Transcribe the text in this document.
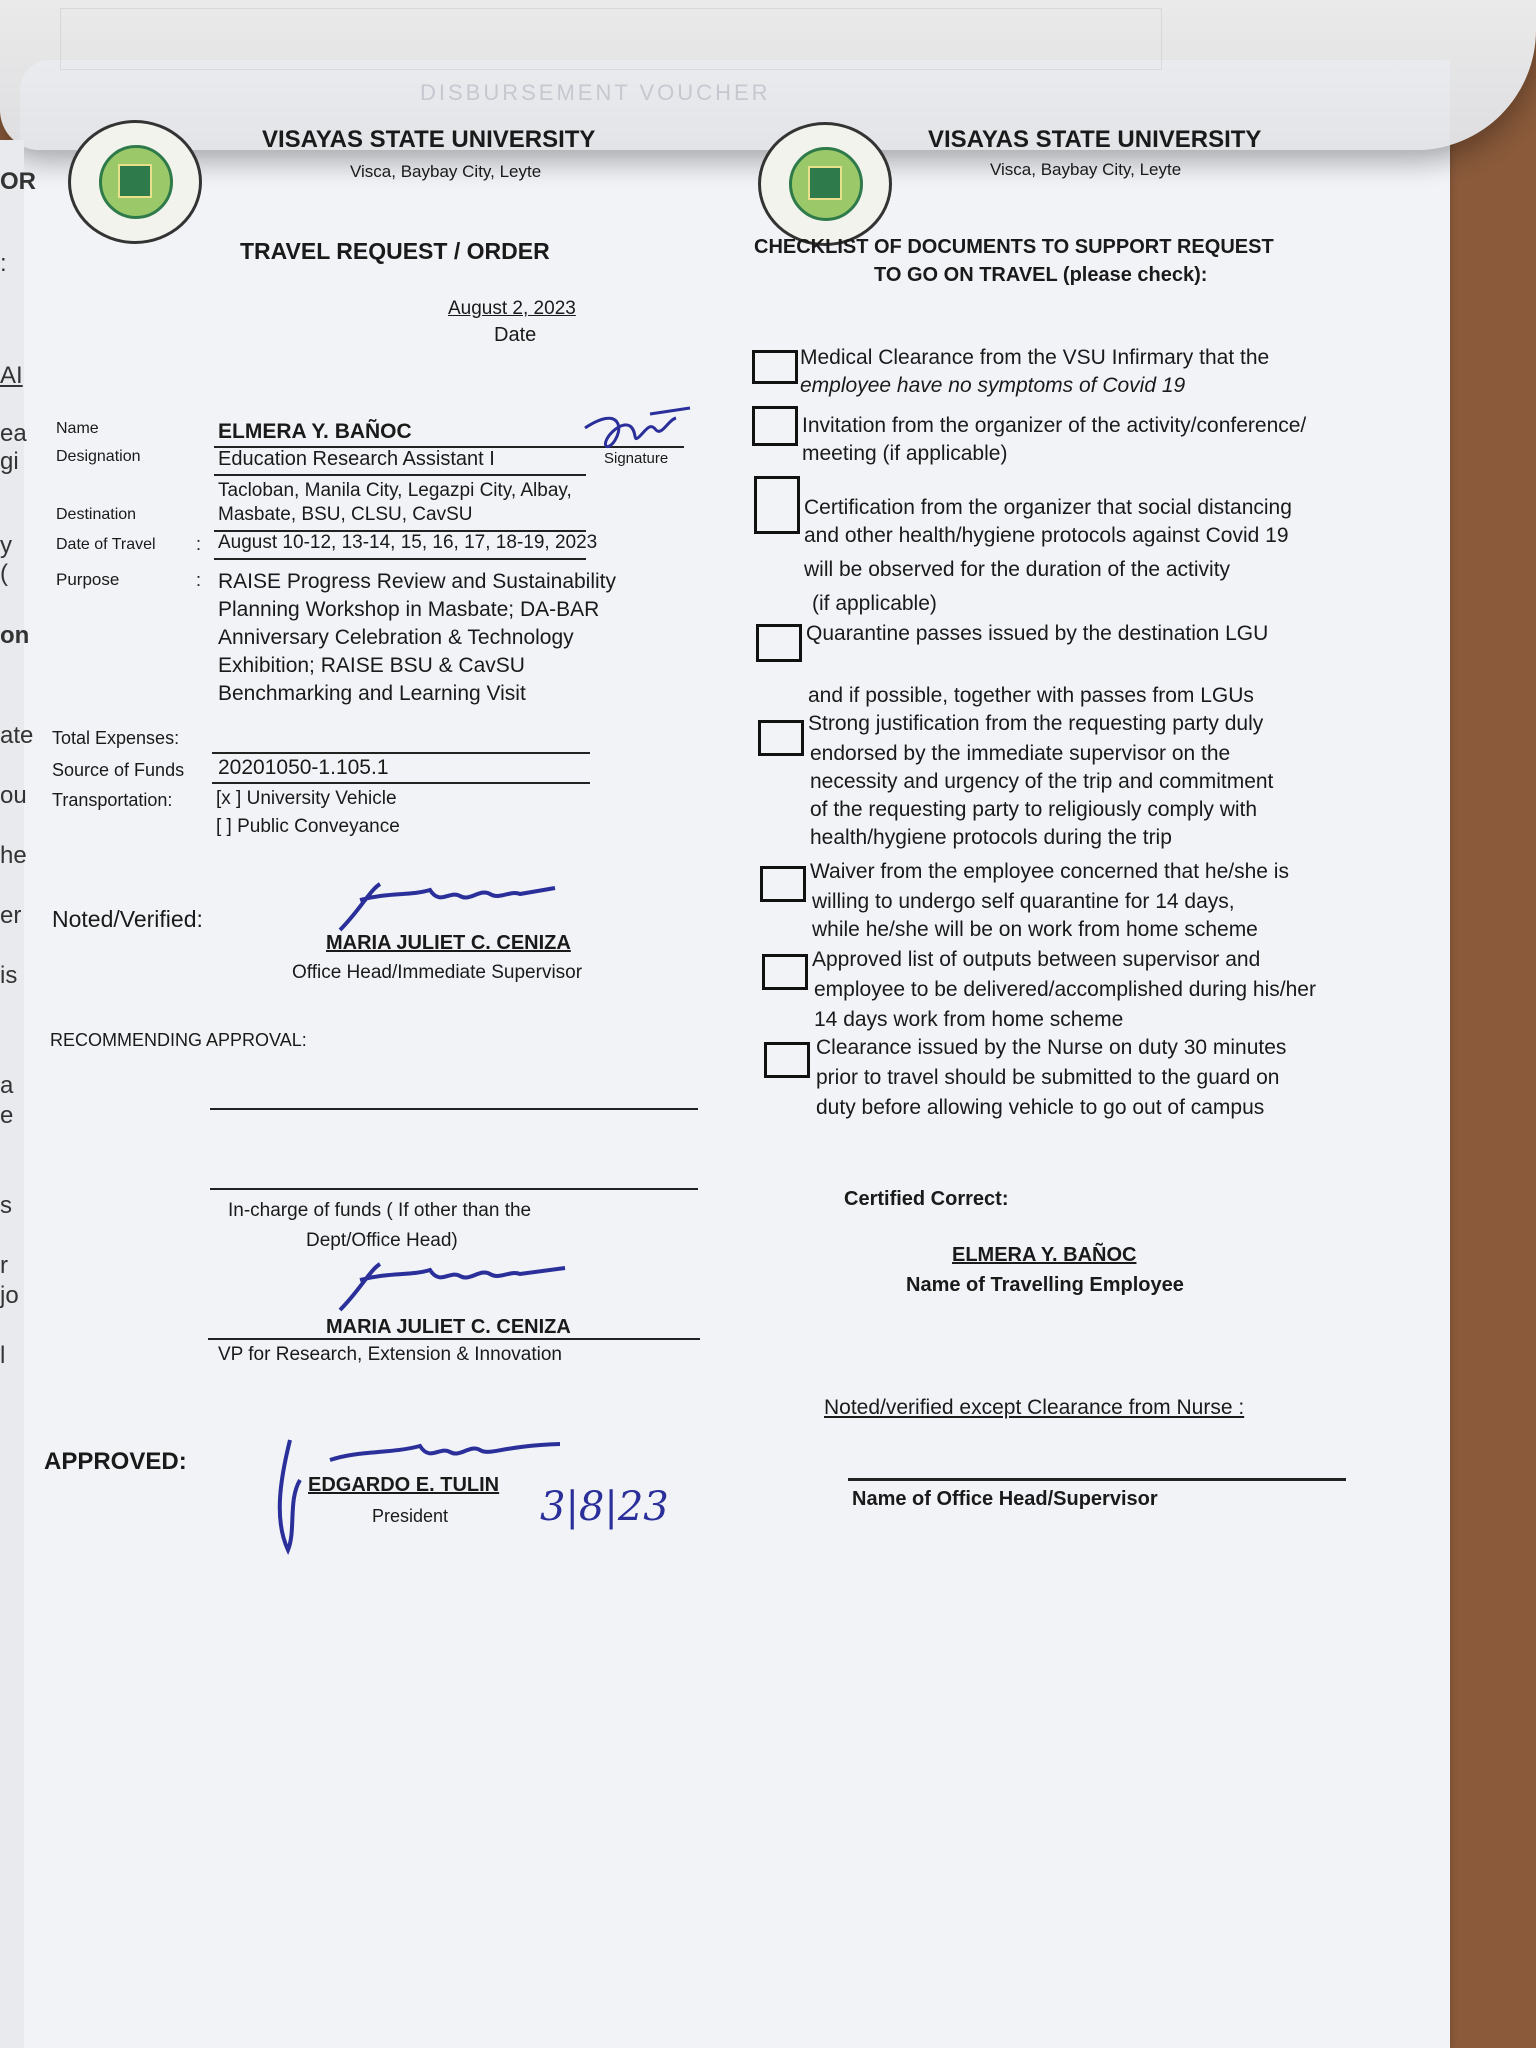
DISBURSEMENT VOUCHER
OR
:
AI
ea
gi
y (
on
ate
ou
he
er
is
a
e
s
r
jo
l
VISAYAS STATE UNIVERSITY
Visca, Baybay City, Leyte
TRAVEL REQUEST / ORDER
August 2, 2023
Date
Name	ELMERA Y. BAÑOC
Designation	Education Research Assistant I	Signature
Destination
Tacloban, Manila City, Legazpi City, Albay,
Masbate, BSU, CLSU, CavSU
Date of Travel : August 10-12, 13-14, 15, 16, 17, 18-19, 2023
Purpose	: RAISE Progress Review and Sustainability
Planning Workshop in Masbate; DA-BAR
Anniversary Celebration & Technology
Exhibition; RAISE BSU & CavSU
Benchmarking and Learning Visit
Total Expenses:
Source of Funds 20201050-1.105.1
Transportation: [x ] University Vehicle
[ ] Public Conveyance
Noted/Verified:
MARIA JULIET C. CENIZA
Office Head/Immediate Supervisor
RECOMMENDING APPROVAL:
In-charge of funds ( If other than the
Dept/Office Head)
MARIA JULIET C. CENIZA
VP for Research, Extension & Innovation
APPROVED:
EDGARDO E. TULIN
President 3|8|23
VISAYAS STATE UNIVERSITY
Visca, Baybay City, Leyte
CHECKLIST OF DOCUMENTS TO SUPPORT REQUEST
TO GO ON TRAVEL (please check):
Medical Clearance from the VSU Infirmary that the
employee have no symptoms of Covid 19
Invitation from the organizer of the activity/conference/
meeting (if applicable)
Certification from the organizer that social distancing
and other health/hygiene protocols against Covid 19
will be observed for the duration of the activity
(if applicable)
Quarantine passes issued by the destination LGU
and if possible, together with passes from LGUs
Strong justification from the requesting party duly
endorsed by the immediate supervisor on the
necessity and urgency of the trip and commitment
of the requesting party to religiously comply with
health/hygiene protocols during the trip
Waiver from the employee concerned that he/she is
willing to undergo self quarantine for 14 days,
while he/she will be on work from home scheme
Approved list of outputs between supervisor and
employee to be delivered/accomplished during his/her
14 days work from home scheme
Clearance issued by the Nurse on duty 30 minutes
prior to travel should be submitted to the guard on
duty before allowing vehicle to go out of campus
Certified Correct:
ELMERA Y. BAÑOC
Name of Travelling Employee
Noted/verified except Clearance from Nurse :
Name of Office Head/Supervisor
